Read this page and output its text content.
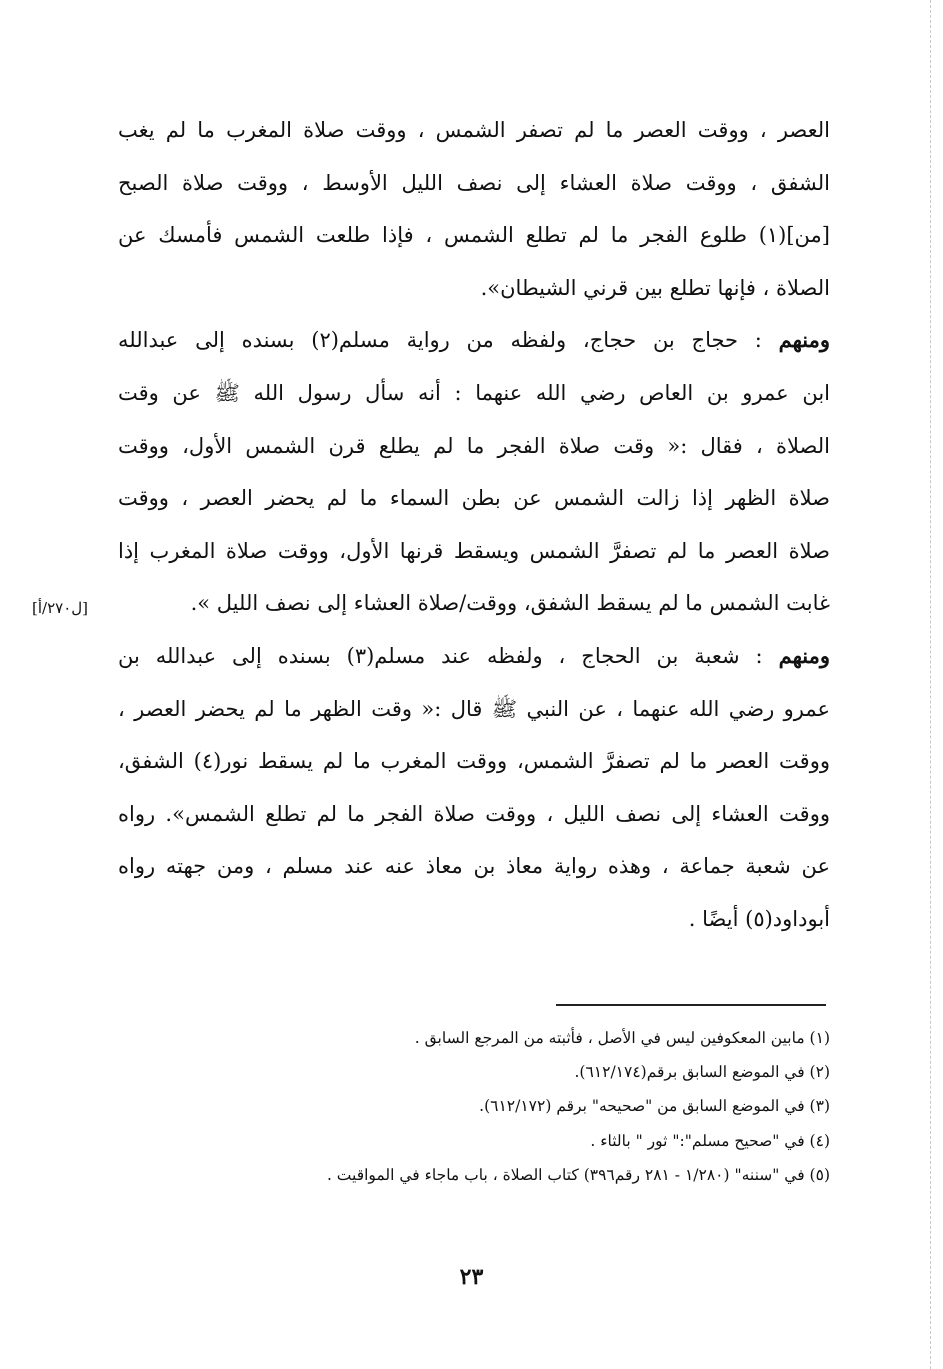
العصر ، ووقت العصر ما لم تصفر الشمس ، ووقت صلاة المغرب ما لم يغب
الشفق ، ووقت صلاة العشاء إلى نصف الليل الأوسط ، ووقت صلاة الصبح
[من](١) طلوع الفجر ما لم تطلع الشمس ، فإذا طلعت الشمس فأمسك عن
الصلاة ، فإنها تطلع بين قرني الشيطان».
ومنهم : حجاج بن حجاج، ولفظه من رواية مسلم(٢) بسنده إلى عبدالله
ابن عمرو بن العاص رضي الله عنهما : أنه سأل رسول الله ﷺ عن وقت
الصلاة ، فقال :« وقت صلاة الفجر ما لم يطلع قرن الشمس الأول، ووقت
صلاة الظهر إذا زالت الشمس عن بطن السماء ما لم يحضر العصر ، ووقت
صلاة العصر ما لم تصفرَّ الشمس ويسقط قرنها الأول، ووقت صلاة المغرب إذا
غابت الشمس ما لم يسقط الشفق، ووقت/صلاة العشاء إلى نصف الليل ».
ومنهم : شعبة بن الحجاج ، ولفظه عند مسلم(٣) بسنده إلى عبدالله بن
عمرو رضي الله عنهما ، عن النبي ﷺ قال :« وقت الظهر ما لم يحضر العصر ،
ووقت العصر ما لم تصفرَّ الشمس، ووقت المغرب ما لم يسقط نور(٤) الشفق،
ووقت العشاء إلى نصف الليل ، ووقت صلاة الفجر ما لم تطلع الشمس». رواه
عن شعبة جماعة ، وهذه رواية معاذ بن معاذ عنه عند مسلم ، ومن جهته رواه
أبوداود(٥) أيضًا .
[ل٢٧٠/أ]
(١) مابين المعكوفين ليس في الأصل ، فأثبته من المرجع السابق .
(٢) في الموضع السابق برقم(٦١٢/١٧٤).
(٣) في الموضع السابق من "صحيحه" برقم (٦١٢/١٧٢).
(٤) في "صحيح مسلم":" ثور " بالثاء .
(٥) في "سننه" (١/٢٨٠ - ٢٨١ رقم٣٩٦) كتاب الصلاة ، باب ماجاء في المواقيت .
٢٣
